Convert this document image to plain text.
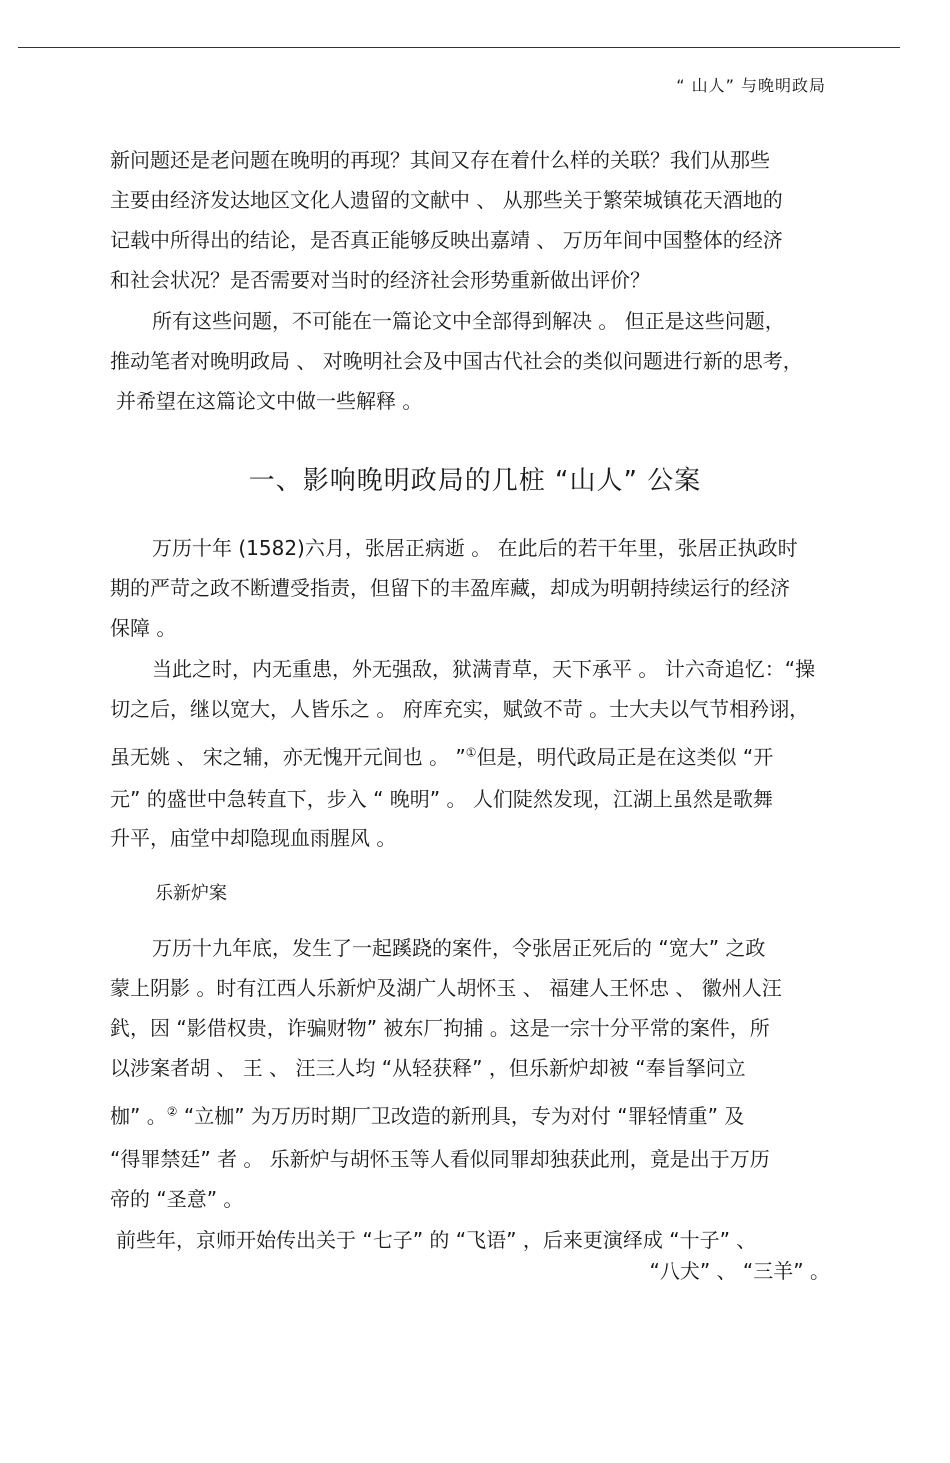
“ 山人” 与晚明政局
新问题还是老问题在晚明的再现？其间又存在着什么样的关联？我们从那些
主要由经济发达地区文化人遗留的文献中 、 从那些关于繁荣城镇花天酒地的
记载中所得出的结论，是否真正能够反映出嘉靖 、 万历年间中国整体的经济
和社会状况？是否需要对当时的经济社会形势重新做出评价？
所有这些问题，不可能在一篇论文中全部得到解决 。 但正是这些问题，
推动笔者对晚明政局 、 对晚明社会及中国古代社会的类似问题进行新的思考，
并希望在这篇论文中做一些解释 。
一、影响晚明政局的几桩 “山人” 公案
万历十年 (1582)六月，张居正病逝 。 在此后的若干年里，张居正执政时
期的严苛之政不断遭受指责，但留下的丰盈库藏，却成为明朝持续运行的经济
保障 。
当此之时，内无重患，外无强敌，狱满青草，天下承平 。 计六奇追忆：“操
切之后，继以宽大，人皆乐之 。 府库充实，赋敛不苛 。士大夫以气节相矜诩，
虽无姚 、 宋之辅，亦无愧开元间也 。 ”①但是，明代政局正是在这类似 “开
元” 的盛世中急转直下，步入 “ 晚明” 。 人们陡然发现，江湖上虽然是歌舞
升平，庙堂中却隐现血雨腥风 。
乐新炉案
万历十九年底，发生了一起蹊跷的案件，令张居正死后的 “宽大” 之政
蒙上阴影 。时有江西人乐新炉及湖广人胡怀玉 、 福建人王怀忠 、 徽州人汪
釴，因 “影借权贵，诈骗财物” 被东厂拘捕 。这是一宗十分平常的案件，所
以涉案者胡 、 王 、 汪三人均 “从轻获释” ，但乐新炉却被 “奉旨拏问立
枷” 。② “立枷” 为万历时期厂卫改造的新刑具，专为对付 “罪轻情重” 及
“得罪禁廷” 者 。 乐新炉与胡怀玉等人看似同罪却独获此刑，竟是出于万历
帝的 “圣意” 。
前些年，京师开始传出关于 “七子” 的 “飞语” ，后来更演绎成 “十子” 、
“八犬” 、 “三羊” 。
